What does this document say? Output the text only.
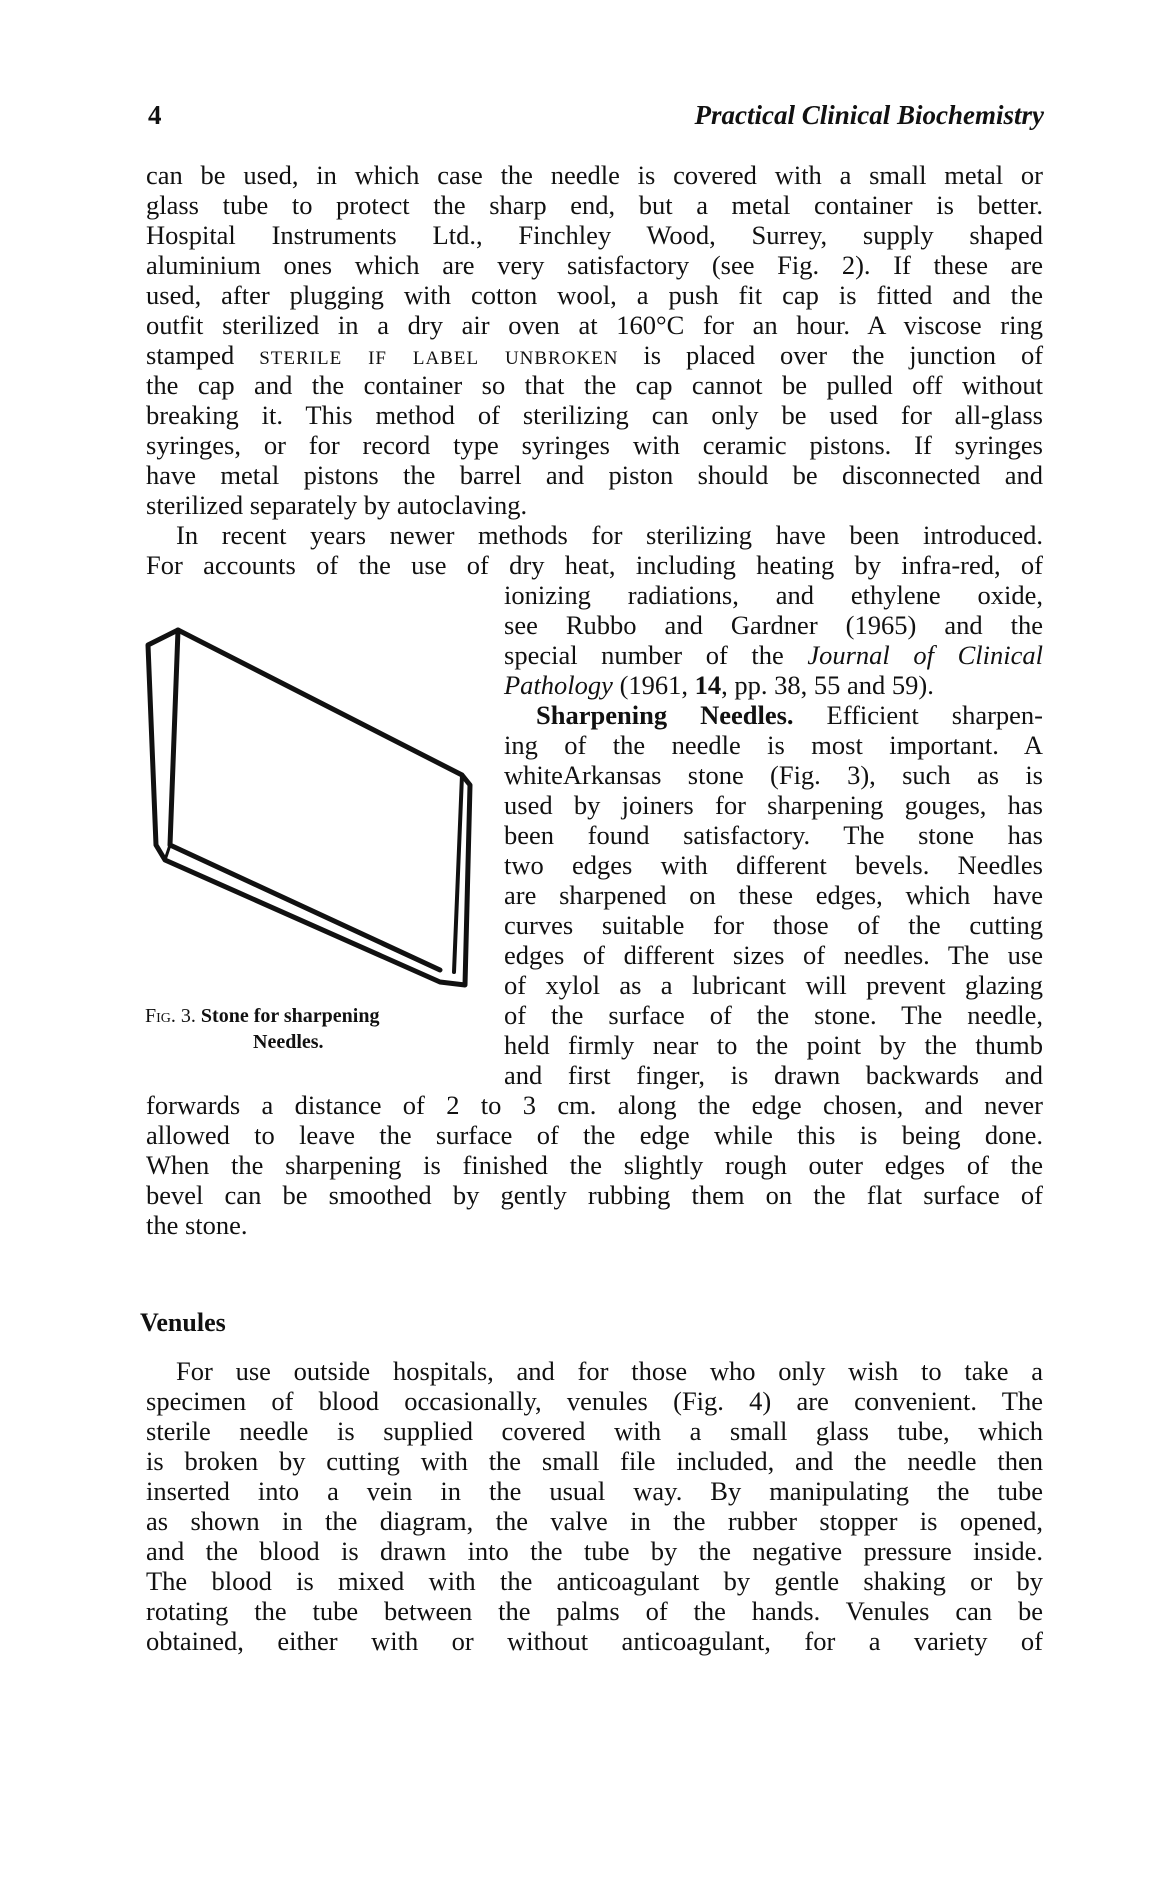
4	Practical Clinical Biochemistry
can be used, in which case the needle is covered with a small metal or
glass tube to protect the sharp end, but a metal container is better.
Hospital Instruments Ltd., Finchley Wood, Surrey, supply shaped
aluminium ones which are very satisfactory (see Fig. 2). If these are
used, after plugging with cotton wool, a push fit cap is fitted and the
outfit sterilized in a dry air oven at 160°C for an hour. A viscose ring
stamped sterile if label unbroken is placed over the junction of
the cap and the container so that the cap cannot be pulled off without
breaking it. This method of sterilizing can only be used for all-glass
syringes, or for record type syringes with ceramic pistons. If syringes
have metal pistons the barrel and piston should be disconnected and
sterilized separately by autoclaving.
In recent years newer methods for sterilizing have been introduced.
For accounts of the use of dry heat, including heating by infra-red, of
ionizing radiations, and ethylene oxide,
see Rubbo and Gardner (1965) and the
special number of the Journal of Clinical
Pathology (1961, 14, pp. 38, 55 and 59).
Sharpening Needles. Efficient sharpen-
ing of the needle is most important. A
whiteArkansas stone (Fig. 3), such as is
used by joiners for sharpening gouges, has
been found satisfactory. The stone has
two edges with different bevels. Needles
are sharpened on these edges, which have
curves suitable for those of the cutting
edges of different sizes of needles. The use
of xylol as a lubricant will prevent glazing
of the surface of the stone. The needle,
held firmly near to the point by the thumb
and first finger, is drawn backwards and
forwards a distance of 2 to 3 cm. along the edge chosen, and never
allowed to leave the surface of the edge while this is being done.
When the sharpening is finished the slightly rough outer edges of the
bevel can be smoothed by gently rubbing them on the flat surface of
the stone.
Fig. 3. Stone for sharpening
Needles.
Venules
For use outside hospitals, and for those who only wish to take a
specimen of blood occasionally, venules (Fig. 4) are convenient. The
sterile needle is supplied covered with a small glass tube, which
is broken by cutting with the small file included, and the needle then
inserted into a vein in the usual way. By manipulating the tube
as shown in the diagram, the valve in the rubber stopper is opened,
and the blood is drawn into the tube by the negative pressure inside.
The blood is mixed with the anticoagulant by gentle shaking or by
rotating the tube between the palms of the hands. Venules can be
obtained, either with or without anticoagulant, for a variety of
